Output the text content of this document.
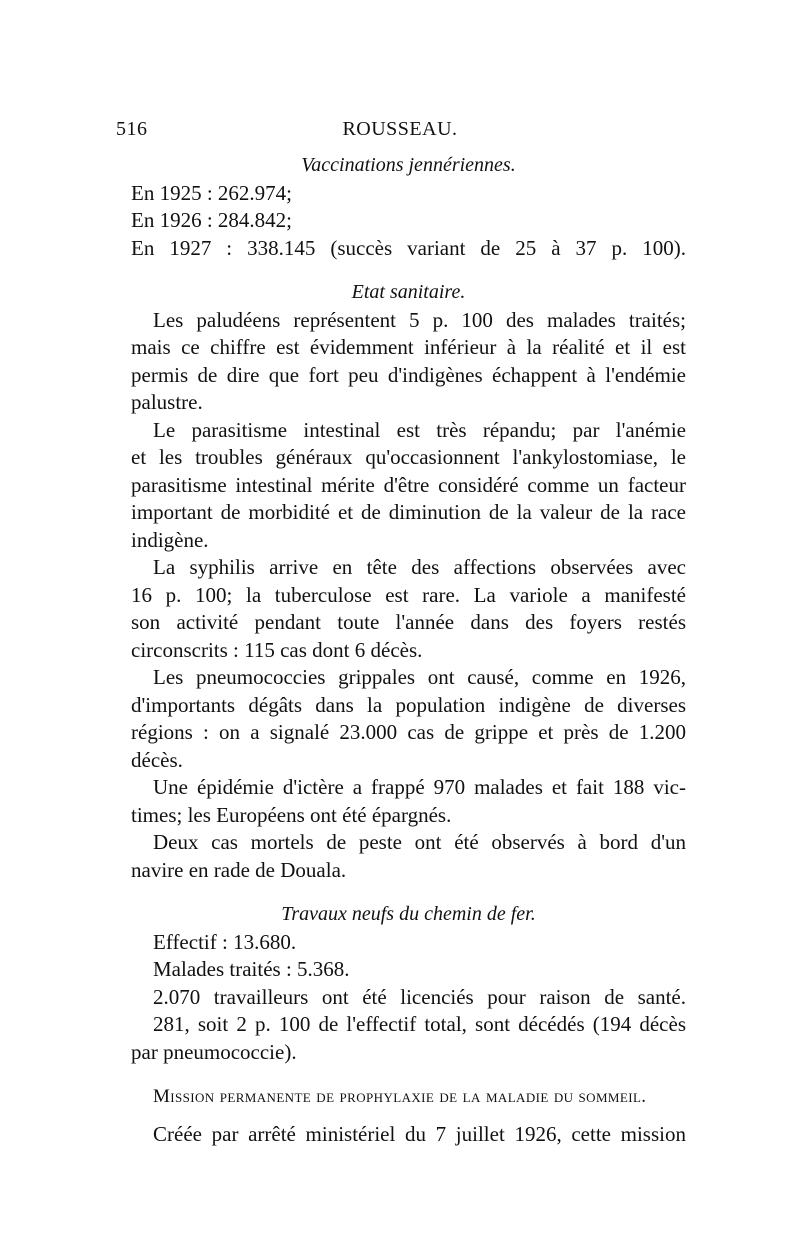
516	ROUSSEAU.
Vaccinations jennériennes.
En 1925 : 262.974;
En 1926 : 284.842;
En 1927 : 338.145 (succès variant de 25 à 37 p. 100).
Etat sanitaire.
Les paludéens représentent 5 p. 100 des malades traités;
mais ce chiffre est évidemment inférieur à la réalité et il est
permis de dire que fort peu d'indigènes échappent à l'endémie
palustre.
Le parasitisme intestinal est très répandu; par l'anémie
et les troubles généraux qu'occasionnent l'ankylostomiase, le
parasitisme intestinal mérite d'être considéré comme un facteur
important de morbidité et de diminution de la valeur de la race
indigène.
La syphilis arrive en tête des affections observées avec
16 p. 100; la tuberculose est rare. La variole a manifesté
son activité pendant toute l'année dans des foyers restés
circonscrits : 115 cas dont 6 décès.
Les pneumococcies grippales ont causé, comme en 1926,
d'importants dégâts dans la population indigène de diverses
régions : on a signalé 23.000 cas de grippe et près de 1.200
décès.
Une épidémie d'ictère a frappé 970 malades et fait 188 vic-
times; les Européens ont été épargnés.
Deux cas mortels de peste ont été observés à bord d'un
navire en rade de Douala.
Travaux neufs du chemin de fer.
Effectif : 13.680.
Malades traités : 5.368.
2.070 travailleurs ont été licenciés pour raison de santé.
281, soit 2 p. 100 de l'effectif total, sont décédés (194 décès
par pneumococcie).
Mission permanente de prophylaxie de la maladie du sommeil.
Créée par arrêté ministériel du 7 juillet 1926, cette mission
